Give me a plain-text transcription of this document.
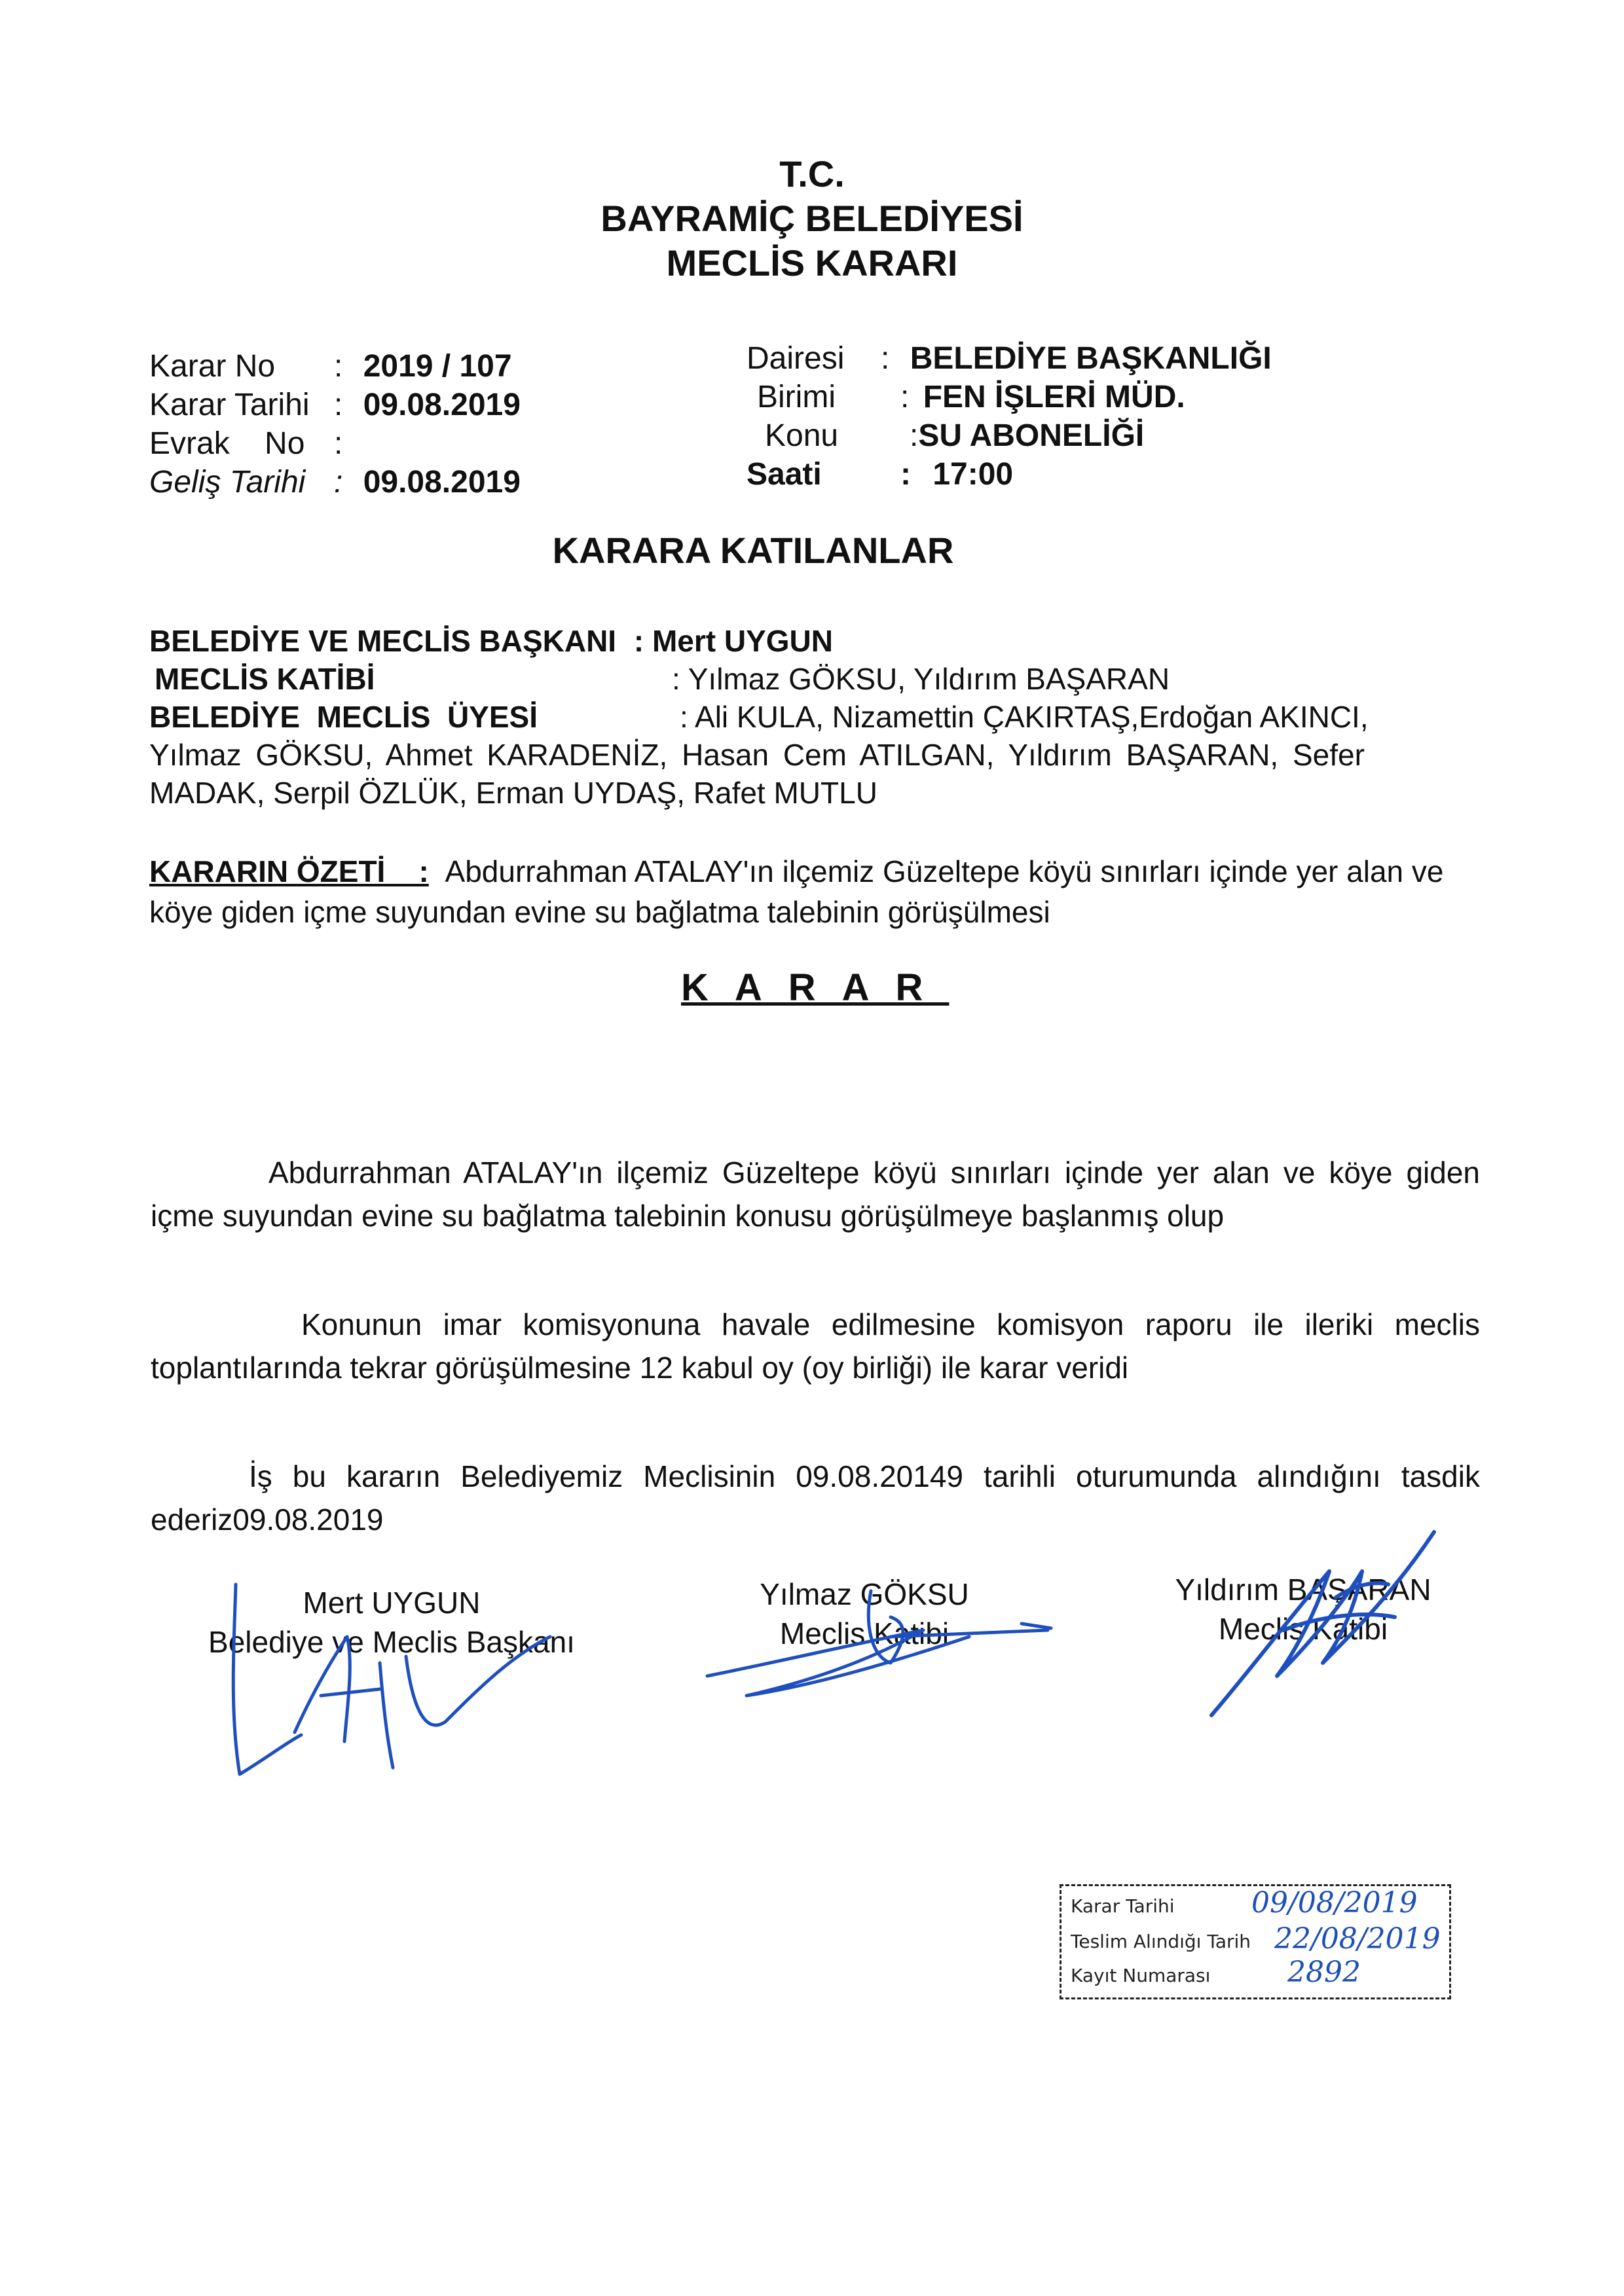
T.C.
BAYRAMİÇ BELEDİYESİ
MECLİS KARARI
Karar No : 2019 / 107
Karar Tarihi : 09.08.2019
Evrak    No :
Geliş Tarihi : 09.08.2019
Dairesi : BELEDİYE BAŞKANLIĞI
Birimi : FEN İŞLERİ MÜD.
Konu :SU ABONELİĞİ
Saati	: 17:00
KARARA KATILANLAR
BELEDİYE VE MECLİS BAŞKANI : Mert UYGUN
MECLİS KATİBİ	: Yılmaz GÖKSU, Yıldırım BAŞARAN
BELEDİYE  MECLİS  ÜYESİ	: Ali KULA, Nizamettin ÇAKIRTAŞ,Erdoğan AKINCI,
Yılmaz GÖKSU, Ahmet KARADENİZ, Hasan Cem ATILGAN, Yıldırım BAŞARAN, Sefer
MADAK, Serpil ÖZLÜK, Erman UYDAŞ, Rafet MUTLU
KARARIN ÖZETİ    : Abdurrahman ATALAY'ın ilçemiz Güzeltepe köyü sınırları içinde yer alan ve köye giden içme suyundan evine su bağlatma talebinin görüşülmesi
KARAR
Abdurrahman ATALAY'ın ilçemiz Güzeltepe köyü sınırları içinde yer alan ve köye giden içme suyundan evine su bağlatma talebinin konusu görüşülmeye başlanmış olup
Konunun imar komisyonuna havale edilmesine komisyon raporu ile ileriki meclis toplantılarında tekrar görüşülmesine 12 kabul oy (oy birliği) ile karar veridi
İş bu kararın Belediyemiz Meclisinin 09.08.20149 tarihli oturumunda alındığını tasdik ederiz09.08.2019
Mert UYGUN
Belediye ve Meclis Başkanı
Yılmaz GÖKSU
Meclis Katibi
Yıldırım BAŞARAN
Meclis Katibi
Karar Tarihi	09/08/2019
Teslim Alındığı Tarih 22/08/2019
Kayıt Numarası	2892
